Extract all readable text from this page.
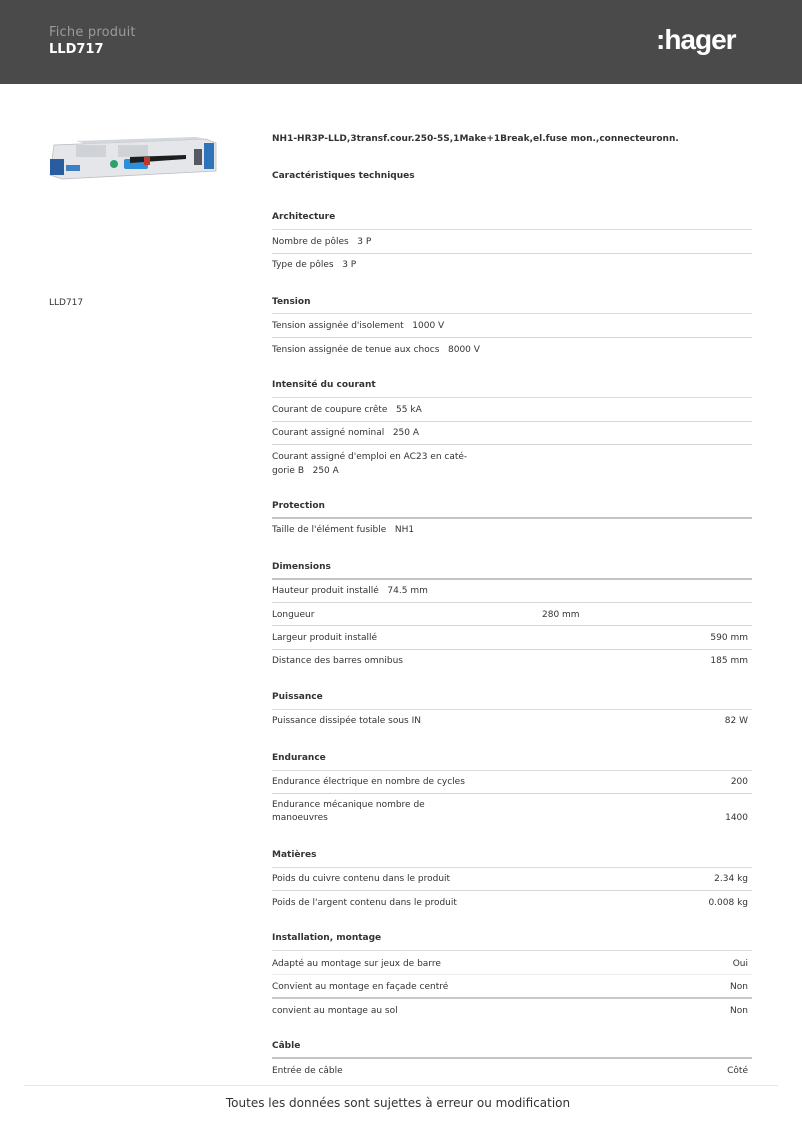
Fiche produit
LLD717	:hager
LLD717
NH1-HR3P-LLD,3transf.cour.250-5S,1Make+1Break,el.fuse mon.,connecteuronn.
Caractéristiques techniques
Architecture
Nombre de pôles 3 P
Type de pôles 3 P
Tension
Tension assignée d'isolement 1000 V
Tension assignée de tenue aux chocs 8000 V
Intensité du courant
Courant de coupure crête 55 kA
Courant assigné nominal 250 A
Courant assigné d'emploi en AC23 en caté-
gorie B 250 A
Protection
Taille de l'élément fusible NH1
Dimensions
Hauteur produit installé 74.5 mm
Longueur	280 mm
Largeur produit installé	590 mm
Distance des barres omnibus	185 mm
Puissance
Puissance dissipée totale sous IN	82 W
Endurance
Endurance électrique en nombre de cycles	200
Endurance mécanique nombre de
manoeuvres	1400
Matières
Poids du cuivre contenu dans le produit	2.34 kg
Poids de l'argent contenu dans le produit	0.008 kg
Installation, montage
Adapté au montage sur jeux de barre	Oui
Convient au montage en façade centré	Non
convient au montage au sol	Non
Câble
Entrée de câble	Côté
Toutes les données sont sujettes à erreur ou modification
